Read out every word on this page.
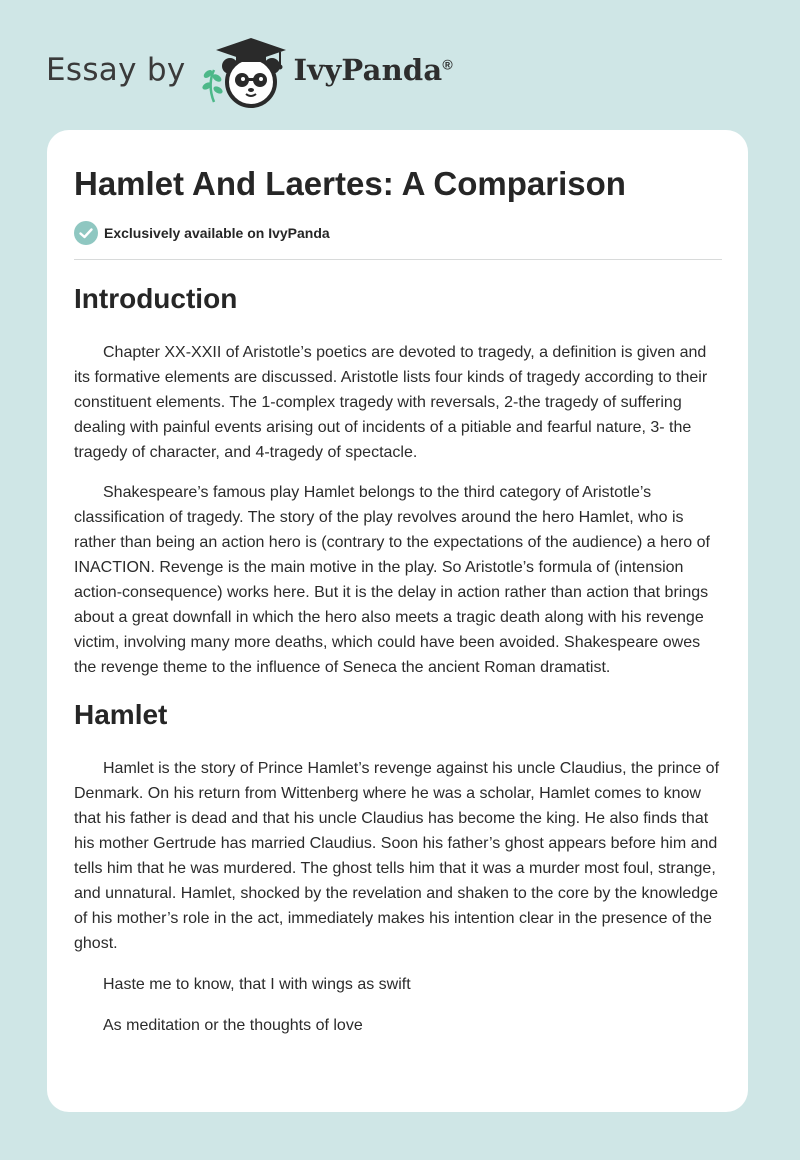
Essay by	IvyPanda®
Hamlet And Laertes: A Comparison
Exclusively available on IvyPanda
Introduction

Chapter XX-XXII of Aristotle’s poetics are devoted to tragedy, a definition is given and its formative elements are discussed. Aristotle lists four kinds of tragedy according to their constituent elements. The 1-complex tragedy with reversals, 2-the tragedy of suffering dealing with painful events arising out of incidents of a pitiable and fearful nature, 3- the tragedy of character, and 4-tragedy of spectacle.

Shakespeare’s famous play Hamlet belongs to the third category of Aristotle’s classification of tragedy. The story of the play revolves around the hero Hamlet, who is rather than being an action hero is (contrary to the expectations of the audience) a hero of INACTION. Revenge is the main motive in the play. So Aristotle’s formula of (intension action-consequence) works here. But it is the delay in action rather than action that brings about a great downfall in which the hero also meets a tragic death along with his revenge victim, involving many more deaths, which could have been avoided. Shakespeare owes the revenge theme to the influence of Seneca the ancient Roman dramatist.

Hamlet

Hamlet is the story of Prince Hamlet’s revenge against his uncle Claudius, the prince of Denmark. On his return from Wittenberg where he was a scholar, Hamlet comes to know that his father is dead and that his uncle Claudius has become the king. He also finds that his mother Gertrude has married Claudius. Soon his father’s ghost appears before him and tells him that he was murdered. The ghost tells him that it was a murder most foul, strange, and unnatural. Hamlet, shocked by the revelation and shaken to the core by the knowledge of his mother’s role in the act, immediately makes his intention clear in the presence of the ghost.

Haste me to know, that I with wings as swift

As meditation or the thoughts of love
